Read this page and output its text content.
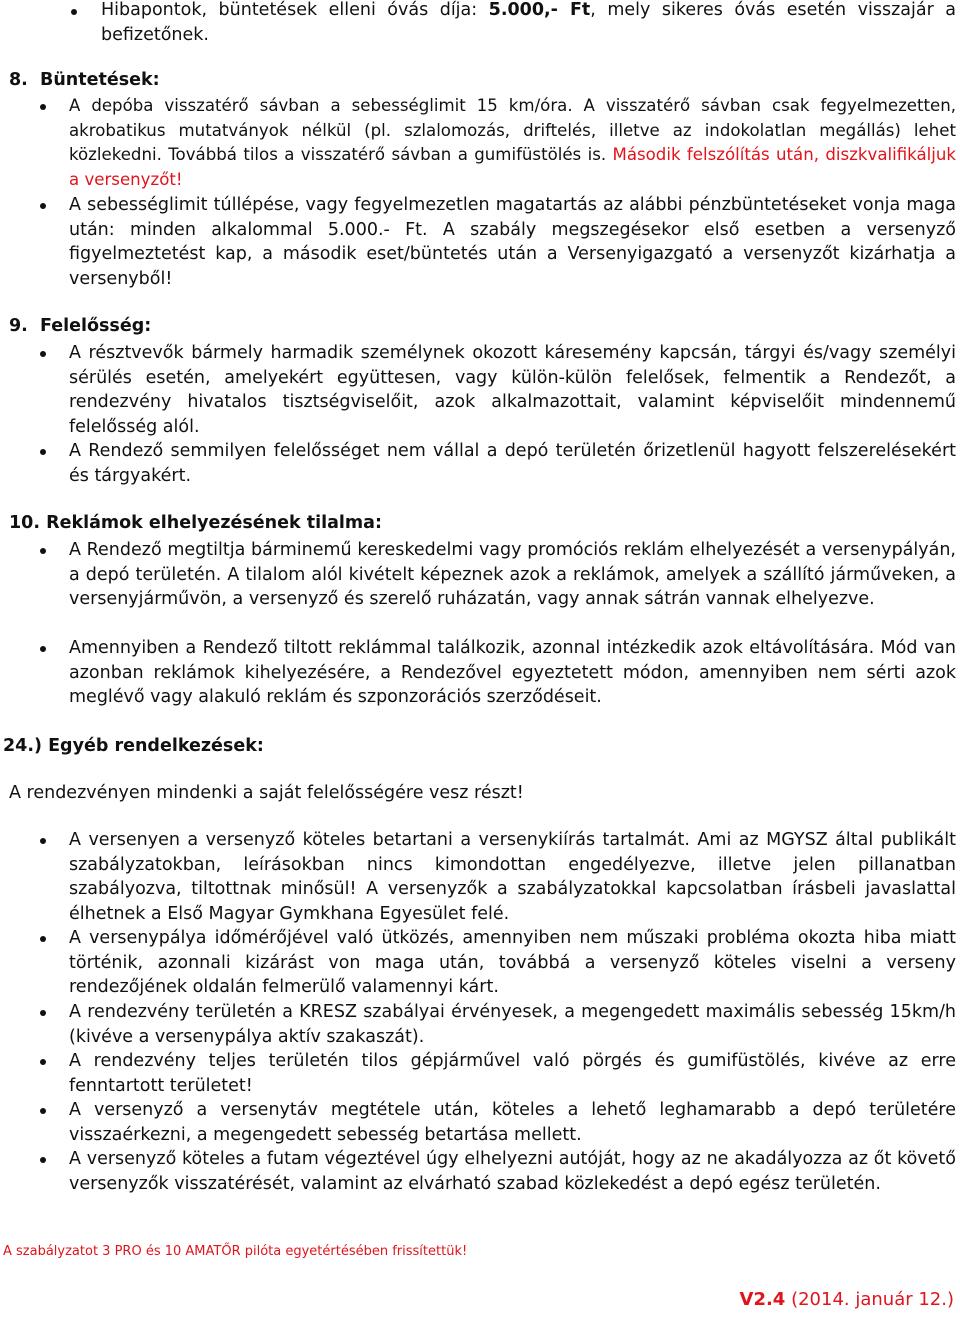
Hibapontok, büntetések elleni óvás díja: 5.000,- Ft, mely sikeres óvás esetén visszajár a befizetőnek.
8.  Büntetések:
A depóba visszatérő sávban a sebességlimit 15 km/óra. A visszatérő sávban csak fegyelmezetten, akrobatikus mutatványok nélkül (pl. szlalomozás, driftelés, illetve az indokolatlan megállás) lehet közlekedni. Továbbá tilos a visszatérő sávban a gumifüstölés is. Második felszólítás után, diszkvalifikáljuk a versenyzőt!
A sebességlimit túllépése, vagy fegyelmezetlen magatartás az alábbi pénzbüntetéseket vonja maga után: minden alkalommal 5.000.- Ft. A szabály megszegésekor első esetben a versenyző figyelmeztetést kap, a második eset/büntetés után a Versenyigazgató a versenyzőt kizárhatja a versenyből!
9.  Felelősség:
A résztvevők bármely harmadik személynek okozott káresemény kapcsán, tárgyi és/vagy személyi sérülés esetén, amelyekért együttesen, vagy külön-külön felelősek, felmentik a Rendezőt, a rendezvény hivatalos tisztségviselőit, azok alkalmazottait, valamint képviselőit mindennemű felelősség alól.
A Rendező semmilyen felelősséget nem vállal a depó területén őrizetlenül hagyott felszerelésekért és tárgyakért.
10. Reklámok elhelyezésének tilalma:
A Rendező megtiltja bárminemű kereskedelmi vagy promóciós reklám elhelyezését a versenypályán, a depó területén. A tilalom alól kivételt képeznek azok a reklámok, amelyek a szállító járműveken, a versenyjárművön, a versenyző és szerelő ruházatán, vagy annak sátrán vannak elhelyezve.
Amennyiben a Rendező tiltott reklámmal találkozik, azonnal intézkedik azok eltávolítására. Mód van azonban reklámok kihelyezésére, a Rendezővel egyeztetett módon, amennyiben nem sérti azok meglévő vagy alakuló reklám és szponzorációs szerződéseit.
24.) Egyéb rendelkezések:
A rendezvényen mindenki a saját felelősségére vesz részt!
A versenyen a versenyző köteles betartani a versenykiírás tartalmát. Ami az MGYSZ által publikált szabályzatokban, leírásokban nincs kimondottan engedélyezve, illetve jelen pillanatban szabályozva, tiltottnak minősül! A versenyzők a szabályzatokkal kapcsolatban írásbeli javaslattal élhetnek a Első Magyar Gymkhana Egyesület felé.
A versenypálya időmérőjével való ütközés, amennyiben nem műszaki probléma okozta hiba miatt történik, azonnali kizárást von maga után, továbbá a versenyző köteles viselni a verseny rendezőjének oldalán felmerülő valamennyi kárt.
A rendezvény területén a KRESZ szabályai érvényesek, a megengedett maximális sebesség 15km/h (kivéve a versenypálya aktív szakaszát).
A rendezvény teljes területén tilos gépjárművel való pörgés és gumifüstölés, kivéve az erre fenntartott területet!
A versenyző a versenytáv megtétele után, köteles a lehető leghamarabb a depó területére visszaérkezni, a megengedett sebesség betartása mellett.
A versenyző köteles a futam végeztével úgy elhelyezni autóját, hogy az ne akadályozza az őt követő versenyzők visszatérését, valamint az elvárható szabad közlekedést a depó egész területén.
A szabályzatot 3 PRO és 10 AMATŐR pilóta egyetértésében frissítettük!
V2.4 (2014. január 12.)
